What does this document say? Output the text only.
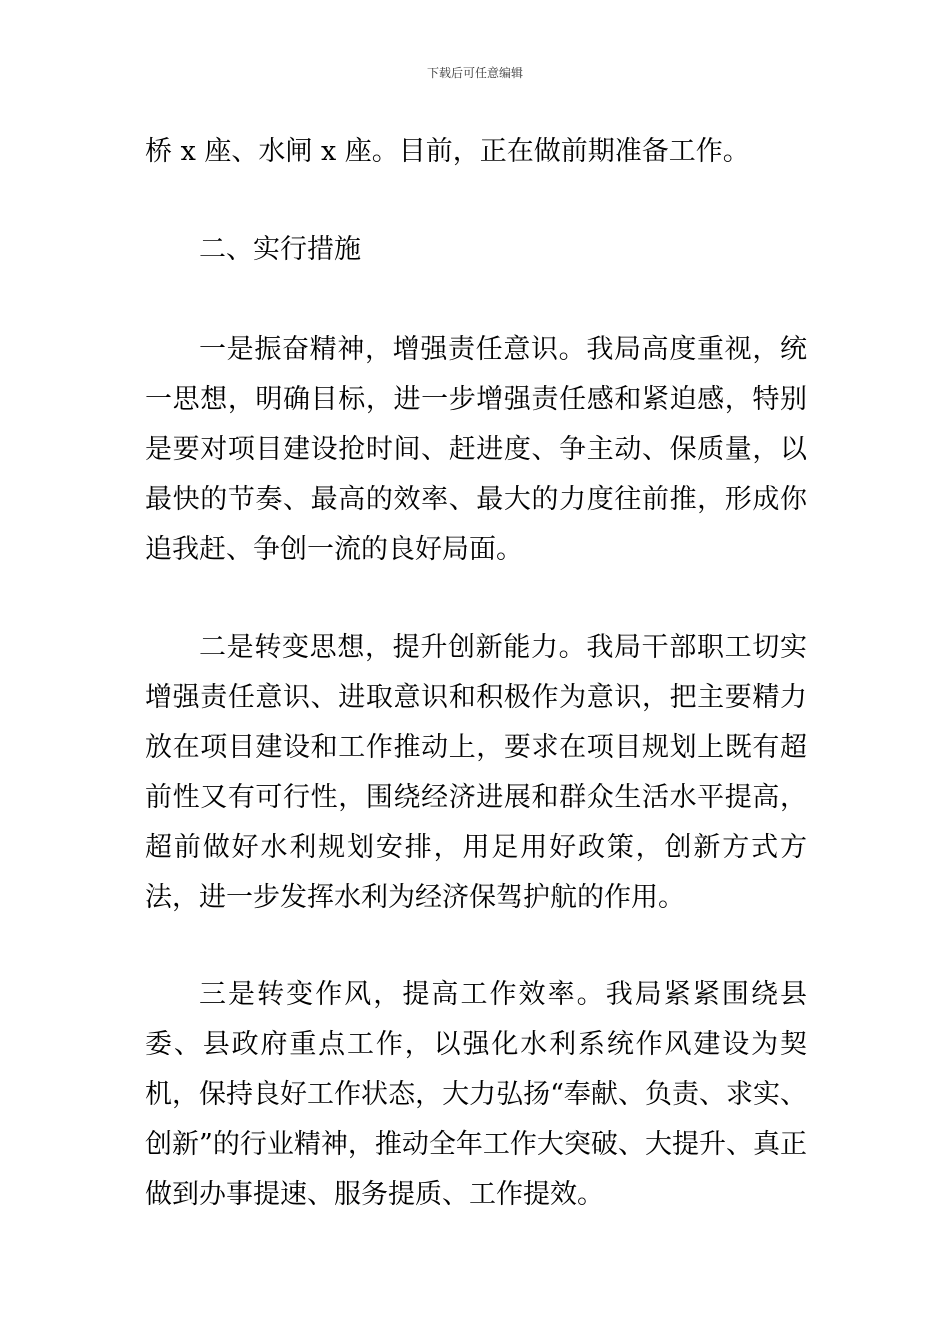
下载后可任意编辑

桥 x 座、水闸 x 座。目前，正在做前期准备工作。

二、实行措施

一是振奋精神，增强责任意识。我局高度重视，统一思想，明确目标，进一步增强责任感和紧迫感，特别是要对项目建设抢时间、赶进度、争主动、保质量，以最快的节奏、最高的效率、最大的力度往前推，形成你追我赶、争创一流的良好局面。

二是转变思想，提升创新能力。我局干部职工切实增强责任意识、进取意识和积极作为意识，把主要精力放在项目建设和工作推动上，要求在项目规划上既有超前性又有可行性，围绕经济进展和群众生活水平提高，超前做好水利规划安排，用足用好政策，创新方式方法，进一步发挥水利为经济保驾护航的作用。

三是转变作风，提高工作效率。我局紧紧围绕县委、县政府重点工作，以强化水利系统作风建设为契机，保持良好工作状态，大力弘扬“奉献、负责、求实、创新”的行业精神，推动全年工作大突破、大提升、真正做到办事提速、服务提质、工作提效。
